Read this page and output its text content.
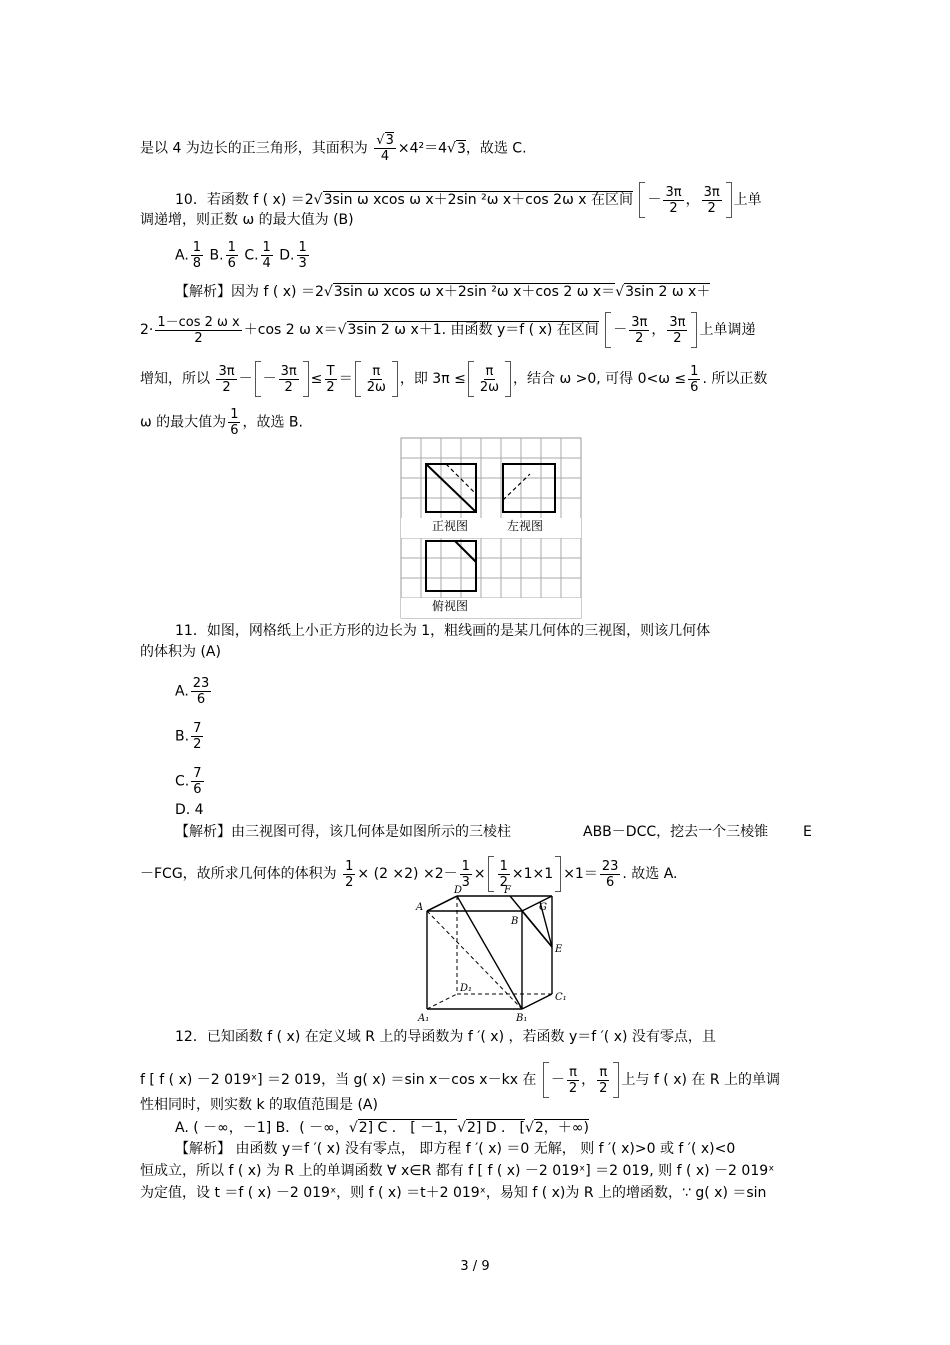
是以 4 为边长的正三角形，其面积为 $\frac{√3}{4} \times 4^2=4√3$，故选 C.
10．若函数 f ( x) ＝2√3sin ω xcos ω x＋2sin ²ω x＋cos 2ω x 在区间 － $\frac{3\pi}{2}$ ， $\frac{3\pi}{2}$ 上单
调递增，则正数 ω 的最大值为 (B)
A. $\frac{1}{8} B$. $\frac{1}{6} C$. $\frac{1}{4} D$. $\frac{1}{3}$
【解析】因为 f ( x) ＝2√3sin ω xcos ω x＋2sin ²ω x＋cos 2 ω x＝√3sin 2 ω x＋
$2\cdot \frac{\text{1－cos 2 ω x}}{2} +\cos$ 2 ω x＝√3sin 2 ω x＋1. 由函数 y＝f ( x) 在区间 － $\frac{3\pi}{2}$ ， $\frac{3\pi}{2}$ 上单调递
增知，所以 $\frac{3\pi}{2}$ － － $\frac{3\pi}{2} \le \frac{T}{2} = \frac{\pi}{2\omega}$ ，即 $3\pi \le \frac{\pi}{2\omega}$ ，结合 ω >0, 可得 $0<\omega \le \frac{1}{6}$ . 所以正数
ω 的最大值为 $\frac{1}{6}$ ，故选 B.
正视图	左视图
俯视图
11．如图，网格纸上小正方形的边长为 1，粗线画的是某几何体的三视图，则该几何体
的体积为 (A)
A. $\frac{23}{6}$
B. $\frac{7}{2}$
C. $\frac{7}{6}$
D. 4
【解析】由三视图可得，该几何体是如图所示的三棱柱	ABB－DCC，挖去一个三棱锥 E
－FCG，故所求几何体的体积为 $\frac{1}{2} \times (2 \times 2) \times 2- \frac{1}{3} \times \frac{1}{2} \times 1\times 1 \times 1= \frac{23}{6}$ . 故选 A.
A
D	F
G
B
E
D₁
C₁
A₁	B₁
12．已知函数 f ( x) 在定义域 R 上的导函数为 f ′( x) ，若函数 y＝f ′( x) 没有零点，且
f [ f ( x) －2 019ˣ] ＝2 019，当 g( x) ＝sin x－cos x－kx 在 － $\frac{\pi}{2}$ ， $\frac{\pi}{2}$ 上与 f ( x) 在 R 上的单调
性相同时，则实数 k 的取值范围是 (A)
A. ( －∞，－1] B．( －∞，√2] C ． [ －1，√2] D ． [√2，＋∞)
【解析】 由函数 y＝f ′( x) 没有零点， 即方程 f ′( x) ＝0 无解， 则 f ′( x)>0 或 f ′( x)<0
恒成立，所以 f ( x) 为 R 上的单调函数 ∀ x∈R 都有 f [ f ( x) －2 019ˣ] ＝2 019, 则 f ( x) －2 019ˣ
为定值，设 t ＝f ( x) －2 019ˣ，则 f ( x) ＝t＋2 019ˣ，易知 f ( x)为 R 上的增函数，∵ g( x) ＝sin
3 / 9
